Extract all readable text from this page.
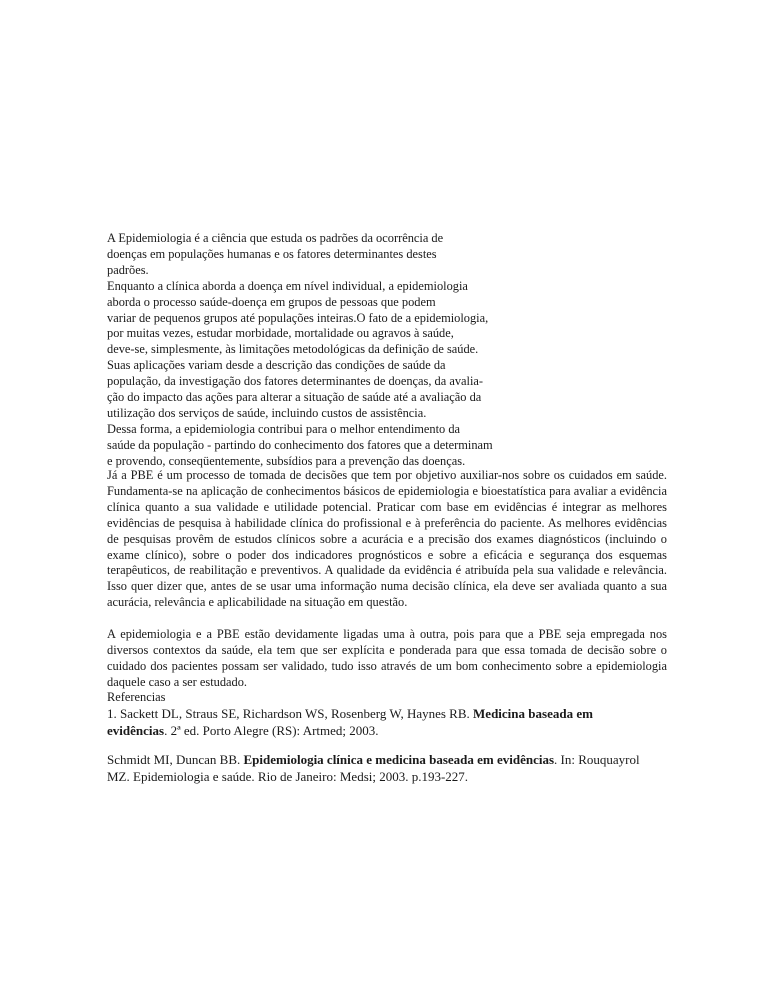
A Epidemiologia é a ciência que estuda os padrões da ocorrência de
doenças em populações humanas e os fatores determinantes destes
padrões.
Enquanto a clínica aborda a doença em nível individual, a epidemiologia
aborda o processo saúde-doença em grupos de pessoas que podem
variar de pequenos grupos até populações inteiras.O fato de a epidemiologia,
por muitas vezes, estudar morbidade, mortalidade ou agravos à saúde,
deve-se, simplesmente, às limitações metodológicas da definição de saúde.
Suas aplicações variam desde a descrição das condições de saúde da
população, da investigação dos fatores determinantes de doenças, da avalia-
ção do impacto das ações para alterar a situação de saúde até a avaliação da
utilização dos serviços de saúde, incluindo custos de assistência.
Dessa forma, a epidemiologia contribui para o melhor entendimento da
saúde da população - partindo do conhecimento dos fatores que a determinam
e provendo, conseqüentemente, subsídios para a prevenção das doenças.
Já a PBE é um processo de tomada de decisões que tem por objetivo auxiliar-nos sobre os cuidados em saúde. Fundamenta-se na aplicação de conhecimentos básicos de epidemiologia e bioestatística para avaliar a evidência clínica quanto a sua validade e utilidade potencial. Praticar com base em evidências é integrar as melhores evidências de pesquisa à habilidade clínica do profissional e à preferência do paciente. As melhores evidências de pesquisas provêm de estudos clínicos sobre a acurácia e a precisão dos exames diagnósticos (incluindo o exame clínico), sobre o poder dos indicadores prognósticos e sobre a eficácia e segurança dos esquemas terapêuticos, de reabilitação e preventivos. A qualidade da evidência é atribuída pela sua validade e relevância. Isso quer dizer que, antes de se usar uma informação numa decisão clínica, ela deve ser avaliada quanto a sua acurácia, relevância e aplicabilidade na situação em questão.
A epidemiologia e a PBE estão devidamente ligadas uma à outra, pois para que a PBE seja empregada nos diversos contextos da saúde, ela tem que ser explícita e ponderada para que essa tomada de decisão sobre o cuidado dos pacientes possam ser validado, tudo isso através de um bom conhecimento sobre a epidemiologia daquele caso a ser estudado.
Referencias
1. Sackett DL, Straus SE, Richardson WS, Rosenberg W, Haynes RB. Medicina baseada em evidências. 2ª ed. Porto Alegre (RS): Artmed; 2003.
Schmidt MI, Duncan BB. Epidemiologia clínica e medicina baseada em evidências. In: Rouquayrol MZ. Epidemiologia e saúde. Rio de Janeiro: Medsi; 2003. p.193-227.
